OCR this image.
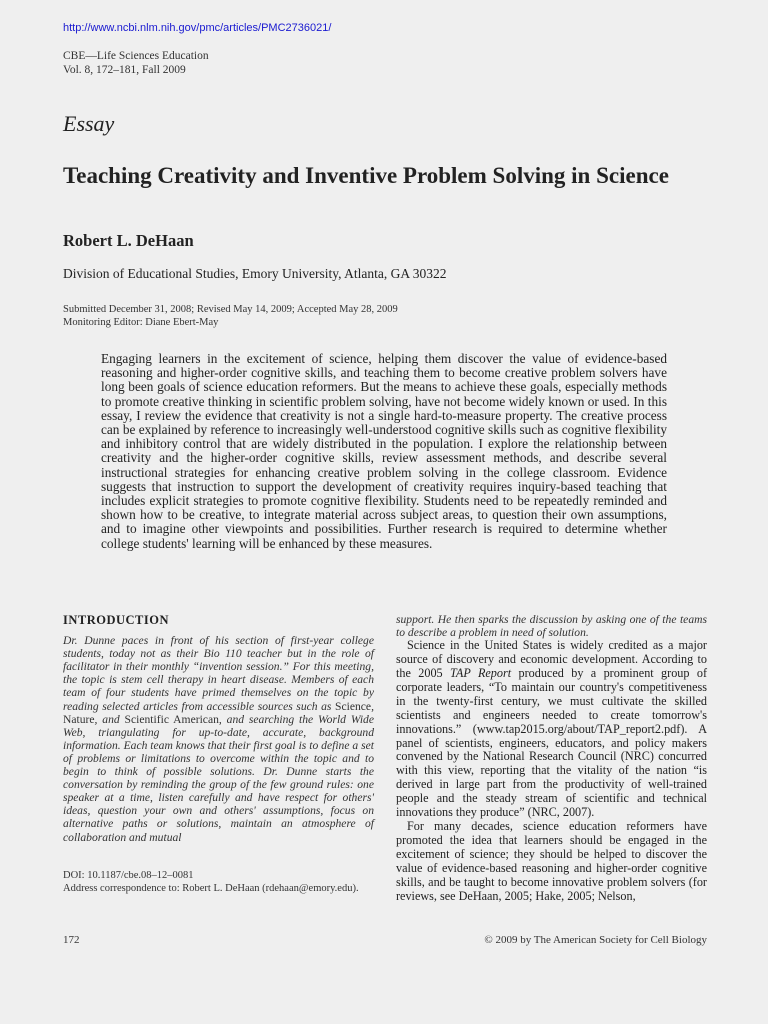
http://www.ncbi.nlm.nih.gov/pmc/articles/PMC2736021/
CBE—Life Sciences Education
Vol. 8, 172–181, Fall 2009
Essay
Teaching Creativity and Inventive Problem Solving in Science
Robert L. DeHaan
Division of Educational Studies, Emory University, Atlanta, GA 30322
Submitted December 31, 2008; Revised May 14, 2009; Accepted May 28, 2009
Monitoring Editor: Diane Ebert-May
Engaging learners in the excitement of science, helping them discover the value of evidence-based reasoning and higher-order cognitive skills, and teaching them to become creative problem solvers have long been goals of science education reformers. But the means to achieve these goals, especially methods to promote creative thinking in scientific problem solving, have not become widely known or used. In this essay, I review the evidence that creativity is not a single hard-to-measure property. The creative process can be explained by reference to increasingly well-understood cognitive skills such as cognitive flexibility and inhibitory control that are widely distributed in the population. I explore the relationship between creativity and the higher-order cognitive skills, review assessment methods, and describe several instructional strategies for enhancing creative problem solving in the college classroom. Evidence suggests that instruction to support the development of creativity requires inquiry-based teaching that includes explicit strategies to promote cognitive flexibility. Students need to be repeatedly reminded and shown how to be creative, to integrate material across subject areas, to question their own assumptions, and to imagine other viewpoints and possibilities. Further research is required to determine whether college students' learning will be enhanced by these measures.
INTRODUCTION

Dr. Dunne paces in front of his section of first-year college students, today not as their Bio 110 teacher but in the role of facilitator in their monthly “invention session.” For this meeting, the topic is stem cell therapy in heart disease. Members of each team of four students have primed themselves on the topic by reading selected articles from accessible sources such as Science, Nature, and Scientific American, and searching the World Wide Web, triangulating for up-to-date, accurate, background information. Each team knows that their first goal is to define a set of problems or limitations to overcome within the topic and to begin to think of possible solutions. Dr. Dunne starts the conversation by reminding the group of the few ground rules: one speaker at a time, listen carefully and have respect for others' ideas, question your own and others' assumptions, focus on alternative paths or solutions, maintain an atmosphere of collaboration and mutual

support. He then sparks the discussion by asking one of the teams to describe a problem in need of solution.

Science in the United States is widely credited as a major source of discovery and economic development. According to the 2005 TAP Report produced by a prominent group of corporate leaders, “To maintain our country's competitiveness in the twenty-first century, we must cultivate the skilled scientists and engineers needed to create tomorrow's innovations.” (www.tap2015.org/about/TAP_report2.pdf). A panel of scientists, engineers, educators, and policy makers convened by the National Research Council (NRC) concurred with this view, reporting that the vitality of the nation “is derived in large part from the productivity of well-trained people and the steady stream of scientific and technical innovations they produce” (NRC, 2007).

For many decades, science education reformers have promoted the idea that learners should be engaged in the excitement of science; they should be helped to discover the value of evidence-based reasoning and higher-order cognitive skills, and be taught to become innovative problem solvers (for reviews, see DeHaan, 2005; Hake, 2005; Nelson,

DOI: 10.1187/cbe.08–12–0081
Address correspondence to: Robert L. DeHaan (rdehaan@emory.edu).
172	© 2009 by The American Society for Cell Biology
